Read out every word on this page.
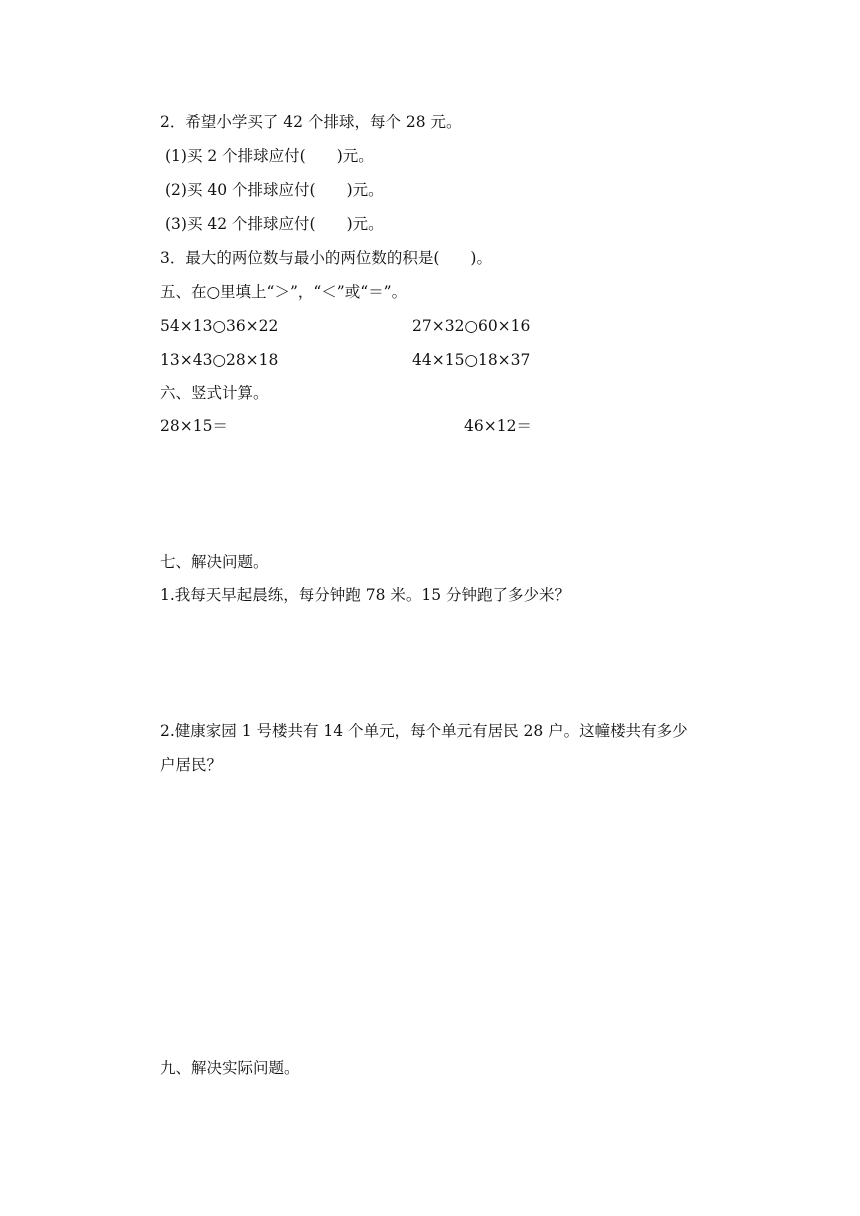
2．希望小学买了 42 个排球，每个 28 元。
(1)买 2 个排球应付(　　)元。
(2)买 40 个排球应付(　　)元。
(3)买 42 个排球应付(　　)元。
3．最大的两位数与最小的两位数的积是(　　)。
五、在○里填上“＞”，“＜”或“＝”。
54×13○36×22	27×32○60×16
13×43○28×18	44×15○18×37
六、竖式计算。
28×15＝	46×12＝
七、解决问题。
1.我每天早起晨练，每分钟跑 78 米。15 分钟跑了多少米？
2.健康家园 1 号楼共有 14 个单元，每个单元有居民 28 户。这幢楼共有多少
户居民？
九、解决实际问题。
